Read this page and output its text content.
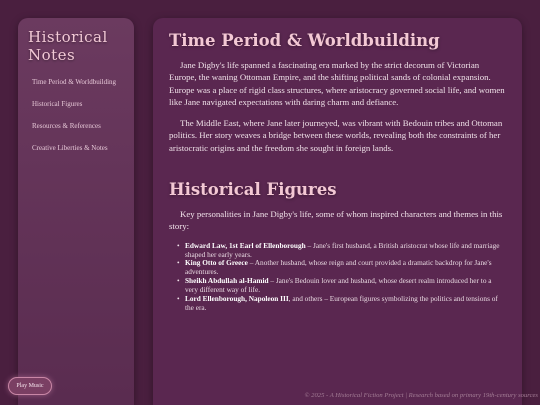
Historical Notes
Time Period & Worldbuilding
Historical Figures
Resources & References
Creative Liberties & Notes
Time Period & Worldbuilding

Jane Digby's life spanned a fascinating era marked by the strict decorum of Victorian Europe, the waning Ottoman Empire, and the shifting political sands of colonial expansion. Europe was a place of rigid class structures, where aristocracy governed social life, and women like Jane navigated expectations with daring charm and defiance.

The Middle East, where Jane later journeyed, was vibrant with Bedouin tribes and Ottoman politics. Her story weaves a bridge between these worlds, revealing both the constraints of her aristocratic origins and the freedom she sought in foreign lands.

Historical Figures

Key personalities in Jane Digby's life, some of whom inspired characters and themes in this story:

• Edward Law, 1st Earl of Ellenborough – Jane's first husband, a British aristocrat whose life and marriage shaped her early years.
• King Otto of Greece – Another husband, whose reign and court provided a dramatic backdrop for Jane's adventures.
• Sheikh Abdullah al-Hamid – Jane's Bedouin lover and husband, whose desert realm introduced her to a very different way of life.
• Lord Ellenborough, Napoleon III, and others – European figures symbolizing the politics and tensions of the era.
© 2025 - A Historical Fiction Project | Research based on primary 19th-century sources
Play Music
